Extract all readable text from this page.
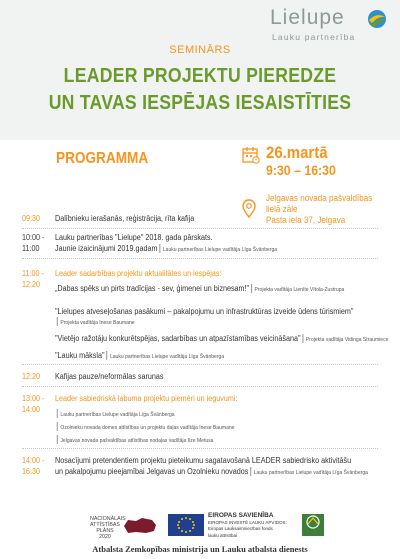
Lielupe
Lauku partnerība
SEMINĀRS
LEADER PROJEKTU PIEREDZE
UN TAVAS IESPĒJAS IESAISTĪTIES
PROGRAMMA	26.martā
9:30 – 16:30
Jelgavas novada pašvaldības
lielā zāle
Pasta iela 37, Jelgava
09:30	Dalībnieku ierašanās, reģistrācija, rīta kafija
10:00 -
11:00
Lauku partnerības "Lielupe" 2018. gada pārskats.
Jaunie izaicinājumi 2019.gadam Lauku partnerības Lielupe vadītāja Līga Švānberga
11:00 -
12:20
Leader sadarbības projektu aktualitātes un iespējas:
„Dabas spēks un pirts tradīcijas - sev, ģimenei un biznesam!" Projekta vadītāja Lienīte Vītola-Zustrupa
"Lielupes atveseļošanas pasākumi – pakalpojumu un infrastruktūras izveide ūdens tūrismiem"
Projekta vadītāja Inese Baumane
"Vietējo ražotāju konkurētspējas, sadarbības un atpazīstamības veicināšana" Projekta vadītāja Vidinga Straumiece
"Lauku mākslа" Lauku partnerības Lielupe vadītāja Līga Švānberga
12:20	Kafijas pauze/neformālas sarunas
13:00 -
14:00
Leader sabiedriskā labuma projektu piemēri un ieguvumi:
Lauku partnerības Lielupe vadītāja Līga Švānberga
Ozolnieku novada domes attīstības un projektu daļas vadītāja Inese Baumane
Jelgavas novada pašvaldības attīstības nodaļas vadītāja Ilze Metusa
14:00 -
16:30
Nosacījumi pretendentiem projektu pieteikumu sagatavošanā LEADER sabiedrisko aktivitāšu
un pakalpojumu pieejamībai Jelgavas un Ozolnieku novados Lauku partnerības Lielupe vadītāja Līga Švānberga
NACIONĀLAIS
ATTĪSTĪBAS
PLĀNS 2020
EIROPAS SAVIENĪBA
EIROPAS INVESTĒ LAUKU APVIDOS:
Eiropas Lauksaimniecības fonds
lauku attīstībai	LEADER
Atbalsta Zemkopības ministrija un Lauku atbalsta dienests
